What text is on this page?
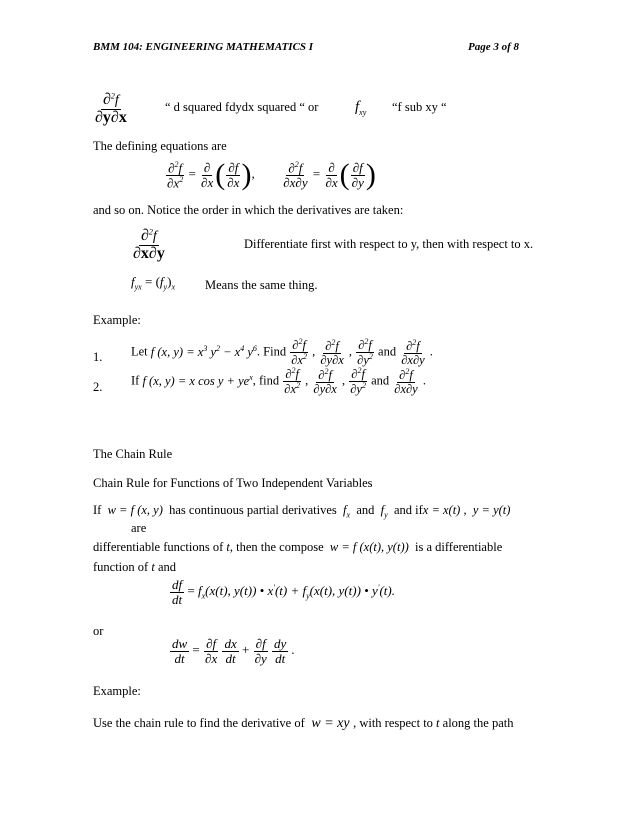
BMM 104: ENGINEERING MATHEMATICS I	Page 3 of 8
$\frac{\partial^2f}{\partial y\partial x}$	“ d squared fdydx squared “ or $f_{xy}$ “f sub xy “
The defining equations are
$\frac{\partial^2f}{\partial x^2} = \frac{\partial}{\partial x}$ ( $\frac{\partial f}{\partial x}$ ), $\frac{\partial^2f}{\partial x\partial y} = \frac{\partial}{\partial x}$ ( $\frac{\partial f}{\partial y}$ )
and so on. Notice the order in which the derivatives are taken:
$\frac{\partial^2f}{\partial x\partial y}$	Differentiate first with respect to y, then with respect to x.
$f_{yx} = (f_y)_x$ Means the same thing.
Example:
1. Let f (x, $y) = x^3$ $y^2 - x^4$ $y^6$. Find $\frac{\partial^2f}{\partial x^2}$ , $\frac{\partial^2f}{\partial y\partial x}$ , $\frac{\partial^2f}{\partial y^2}$ and $\frac{\partial^2f}{\partial x\partial y}$ .
2. If f (x, y) = x $\cos y + ye^x$, find $\frac{\partial^2f}{\partial x^2}$ , $\frac{\partial^2f}{\partial y\partial x}$ , $\frac{\partial^2f}{\partial y^2}$ and $\frac{\partial^2f}{\partial x\partial y}$ .
The Chain Rule
Chain Rule for Functions of Two Independent Variables
If  w = f (x, y)  has continuous partial derivatives  $f_x$ and  $f_y$ and ifx = x(t) ,  y = y(t)
are
differentiable functions of t, then the compose  w = f (x(t), y(t))  is a differentiable
function of t and
$\frac{df}{dt} = f_x(x(t)$, y(t)) • $x'(t) + f_y(x(t)$, y(t)) • y'(t).
or
$\frac{dw}{dt} = \frac{\partial f}{\partial x}$
$\frac{dx}{dt} + \frac{\partial f}{\partial y}$
$\frac{dy}{dt}$ .
Example:
Use the chain rule to find the derivative of  w = xy , with respect to t along the path
